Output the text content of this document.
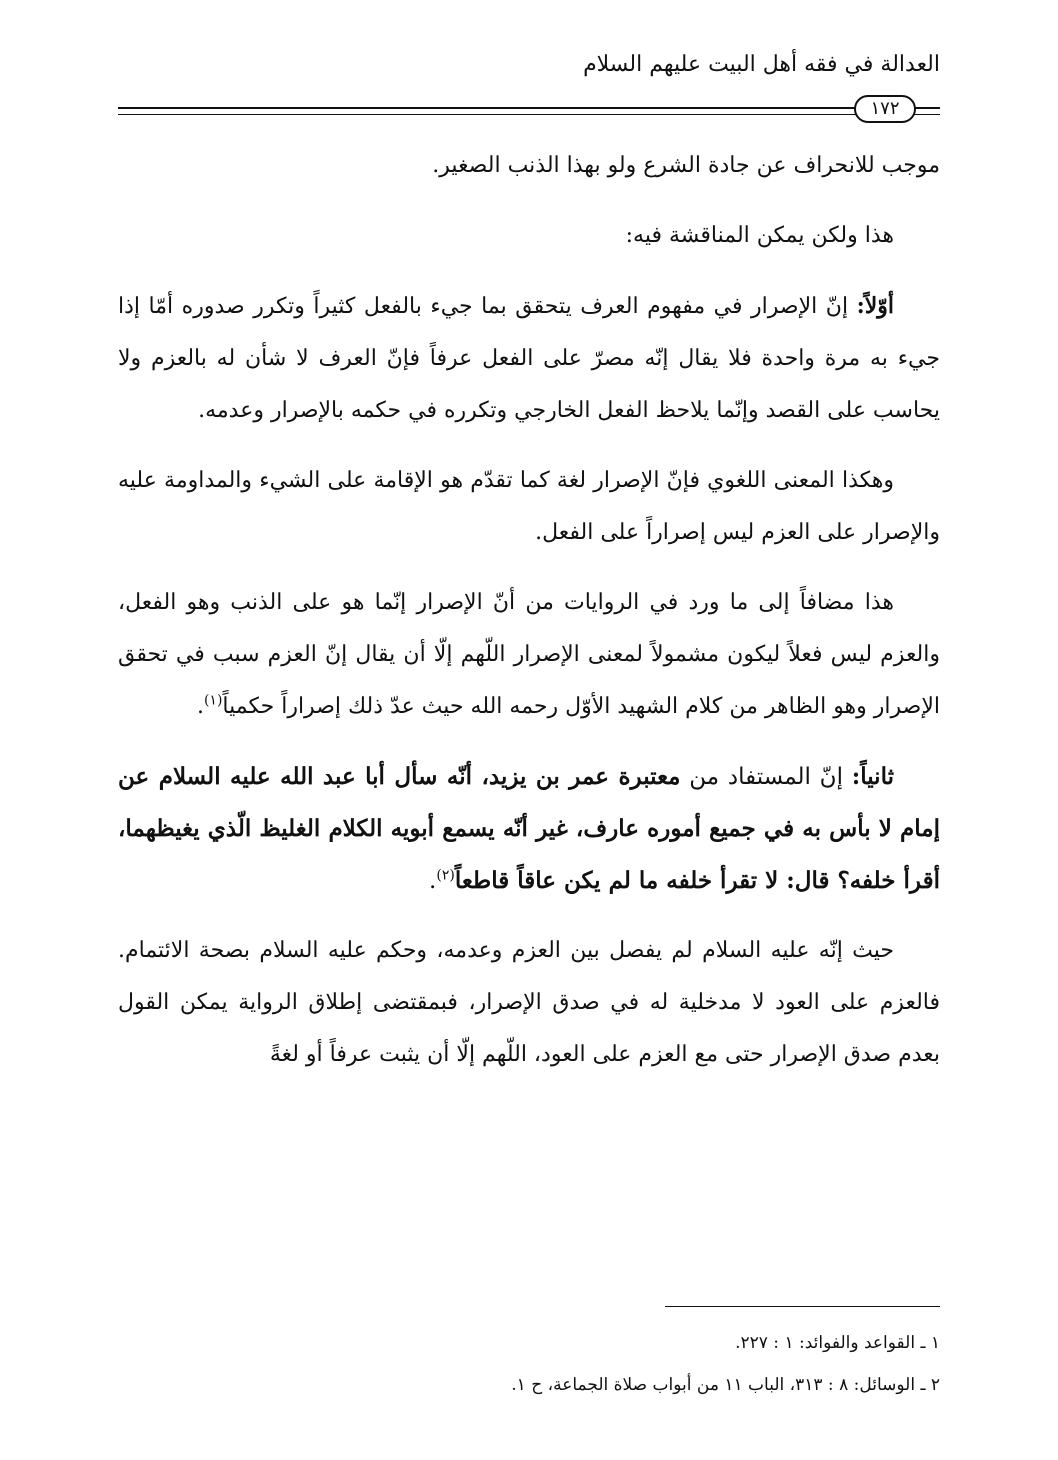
العدالة في فقه أهل البيت عليهم السلام
١٧٢

موجب للانحراف عن جادة الشرع ولو بهذا الذنب الصغير.

هذا ولكن يمكن المناقشة فيه:

أوّلاً: إنّ الإصرار في مفهوم العرف يتحقق بما جيء بالفعل كثيراً وتكرر صدوره أمّا إذا جيء به مرة واحدة فلا يقال إنّه مصرّ على الفعل عرفاً فإنّ العرف لا شأن له بالعزم ولا يحاسب على القصد وإنّما يلاحظ الفعل الخارجي وتكرره في حكمه بالإصرار وعدمه.

وهكذا المعنى اللغوي فإنّ الإصرار لغة كما تقدّم هو الإقامة على الشيء والمداومة عليه والإصرار على العزم ليس إصراراً على الفعل.

هذا مضافاً إلى ما ورد في الروايات من أنّ الإصرار إنّما هو على الذنب وهو الفعل، والعزم ليس فعلاً ليكون مشمولاً لمعنى الإصرار اللّهم إلّا أن يقال إنّ العزم سبب في تحقق الإصرار وهو الظاهر من كلام الشهيد الأوّل رحمه الله حيث عدّ ذلك إصراراً حكمياً$^{(١)}$.

ثانياً: إنّ المستفاد من معتبرة عمر بن يزيد، أنّه سأل أبا عبد الله عليه السلام عن إمام لا بأس به في جميع أموره عارف، غير أنّه يسمع أبويه الكلام الغليظ الّذي يغيظهما، أقرأ خلفه؟ قال: لا تقرأ خلفه ما لم يكن عاقاً قاطعاً$^{(٢)}$.

حيث إنّه عليه السلام لم يفصل بين العزم وعدمه، وحكم عليه السلام بصحة الائتمام. فالعزم على العود لا مدخلية له في صدق الإصرار، فبمقتضى إطلاق الرواية يمكن القول بعدم صدق الإصرار حتى مع العزم على العود، اللّهم إلّا أن يثبت عرفاً أو لغةً

١ ـ القواعد والفوائد: ١ : ٢٢٧.

٢ ـ الوسائل: ٨ : ٣١٣، الباب ١١ من أبواب صلاة الجماعة، ح ١.
